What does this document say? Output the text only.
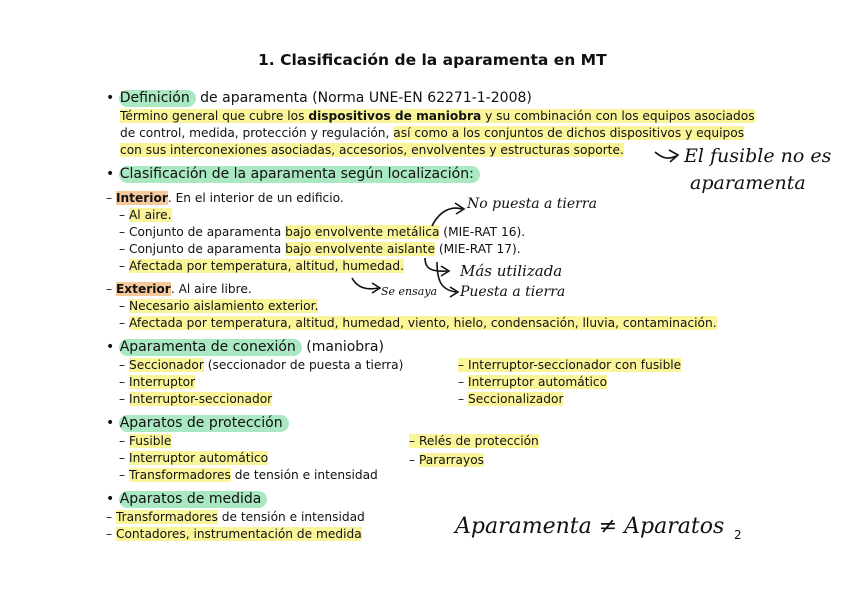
1. Clasificación de la aparamenta en MT
• Definición de aparamenta (Norma UNE-EN 62271-1-2008)
Término general que cubre los dispositivos de maniobra y su combinación con los equipos asociados
de control, medida, protección y regulación, así como a los conjuntos de dichos dispositivos y equipos
con sus interconexiones asociadas, accesorios, envolventes y estructuras soporte.
• Clasificación de la aparamenta según localización:
– Interior. En el interior de un edificio.
– Al aire.
– Conjunto de aparamenta bajo envolvente metálica (MIE-RAT 16).
– Conjunto de aparamenta bajo envolvente aislante (MIE-RAT 17).
– Afectada por temperatura, altitud, humedad.
– Exterior. Al aire libre.
– Necesario aislamiento exterior.
– Afectada por temperatura, altitud, humedad, viento, hielo, condensación, lluvia, contaminación.
• Aparamenta de conexión (maniobra)
– Seccionador (seccionador de puesta a tierra)
– Interruptor
– Interruptor-seccionador
– Interruptor-seccionador con fusible
– Interruptor automático
– Seccionalizador
• Aparatos de protección
– Fusible
– Interruptor automático
– Transformadores de tensión e intensidad
– Relés de protección
– Pararrayos
• Aparatos de medida
– Transformadores de tensión e intensidad
– Contadores, instrumentación de medida	2
El fusible no es
aparamenta
No puesta a tierra
Más utilizada
Se ensaya Puesta a tierra
Aparamenta ≠ Aparatos
